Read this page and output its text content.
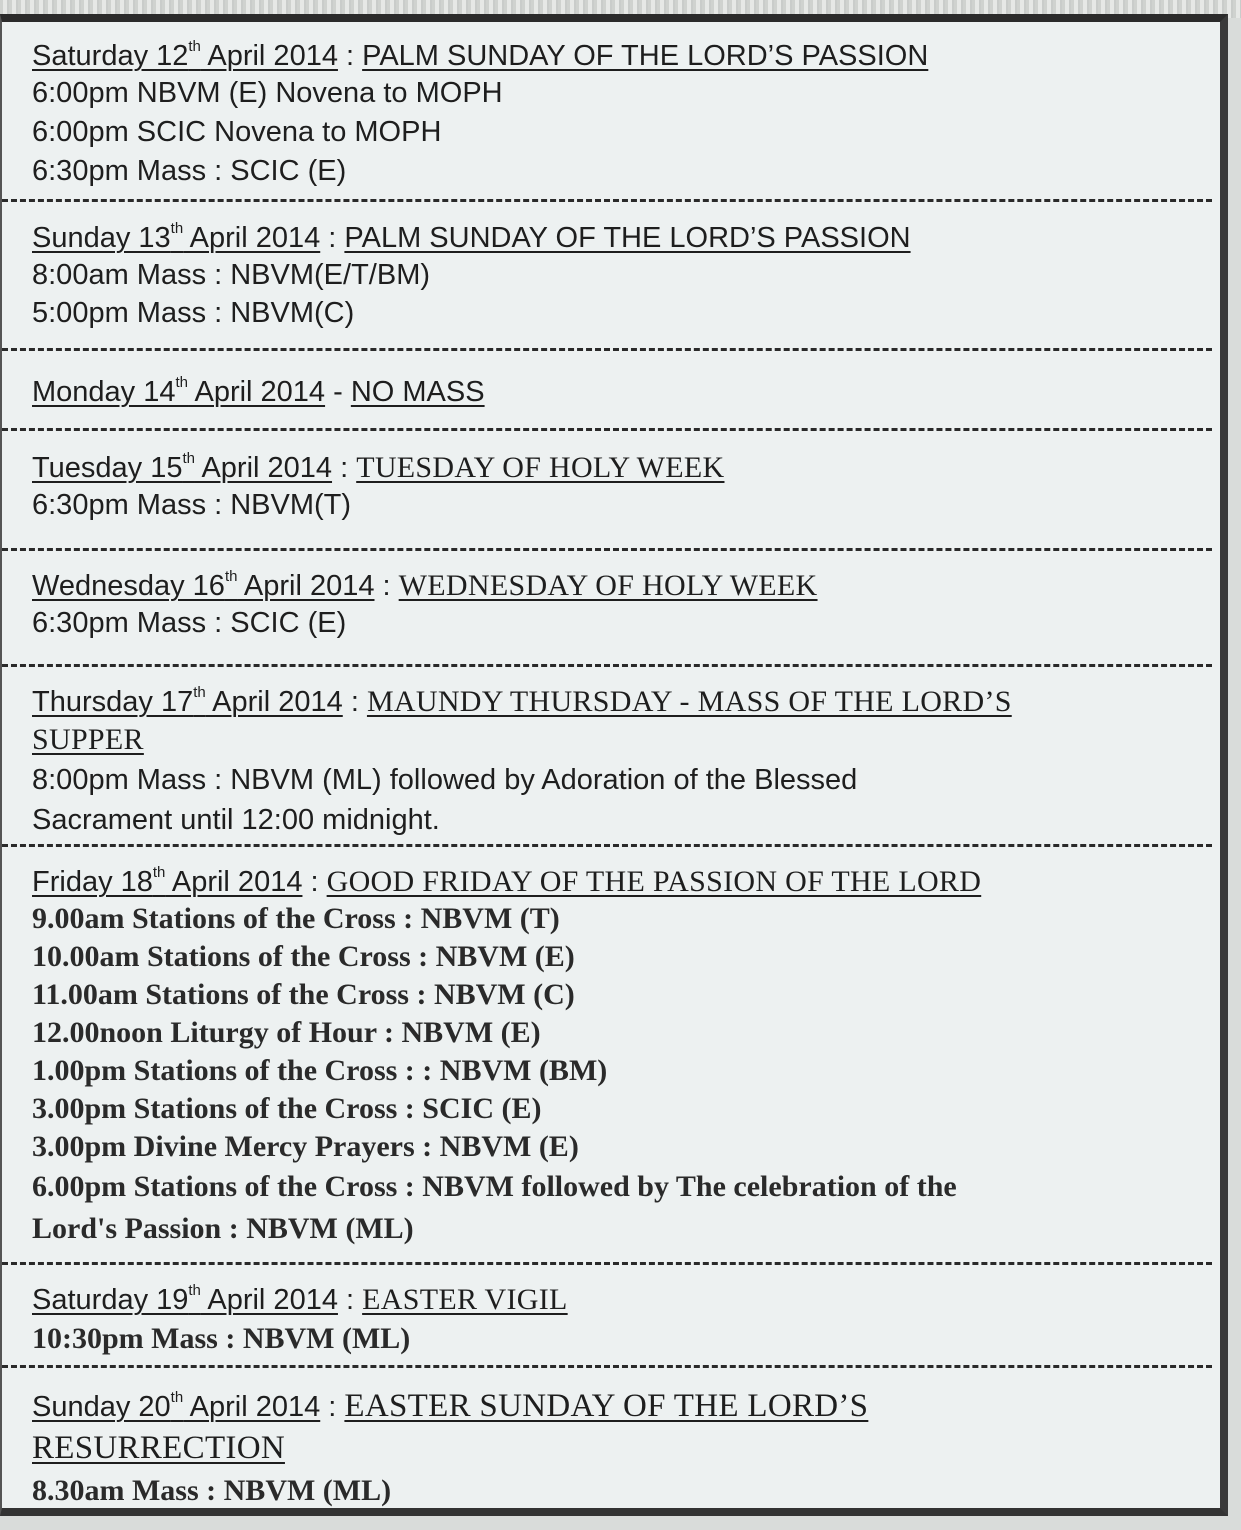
Saturday 12th April 2014 : PALM SUNDAY OF THE LORD’S PASSION
6:00pm NBVM (E) Novena to MOPH
6:00pm SCIC Novena to MOPH
6:30pm Mass : SCIC (E)
Sunday 13th April 2014 : PALM SUNDAY OF THE LORD’S PASSION
8:00am Mass : NBVM(E/T/BM)
5:00pm Mass : NBVM(C)
Monday 14th April 2014 - NO MASS
Tuesday 15th April 2014 : TUESDAY OF HOLY WEEK
6:30pm Mass : NBVM(T)
Wednesday 16th April 2014 : WEDNESDAY OF HOLY WEEK
6:30pm Mass : SCIC (E)
Thursday 17th April 2014 : MAUNDY THURSDAY - MASS OF THE LORD’S
SUPPER
8:00pm Mass : NBVM (ML) followed by Adoration of the Blessed
Sacrament until 12:00 midnight.
Friday 18th April 2014 : GOOD FRIDAY OF THE PASSION OF THE LORD
9.00am Stations of the Cross : NBVM (T)
10.00am Stations of the Cross : NBVM (E)
11.00am Stations of the Cross : NBVM (C)
12.00noon Liturgy of Hour : NBVM (E)
1.00pm Stations of the Cross : : NBVM (BM)
3.00pm Stations of the Cross : SCIC (E)
3.00pm Divine Mercy Prayers : NBVM (E)
6.00pm Stations of the Cross : NBVM followed by The celebration of the
Lord's Passion : NBVM (ML)
Saturday 19th April 2014 : EASTER VIGIL
10:30pm Mass : NBVM (ML)
Sunday 20th April 2014 : EASTER SUNDAY OF THE LORD’S
RESURRECTION
8.30am Mass : NBVM (ML)
